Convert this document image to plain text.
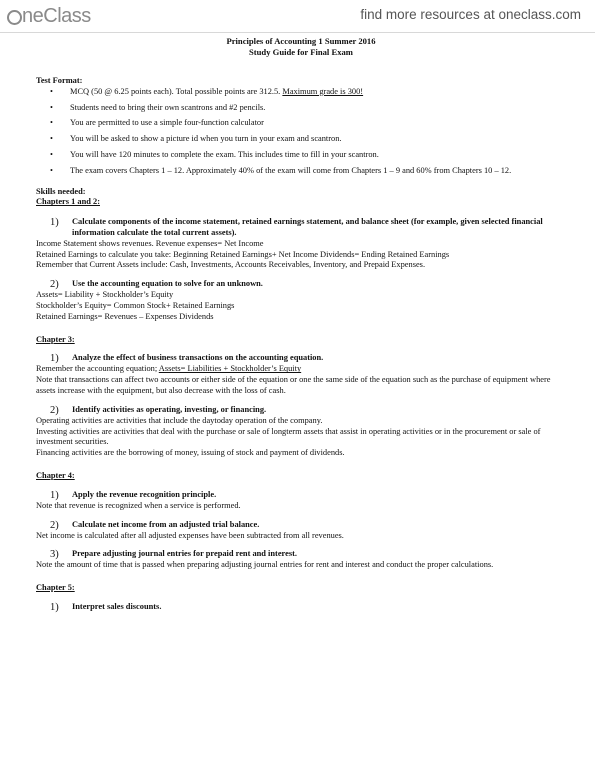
neClass	find more resources at oneclass.com
Principles of Accounting 1 Summer 2016
Study Guide for Final Exam
Test Format:
• MCQ (50 @ 6.25 points each). Total possible points are 312.5. Maximum grade is 300!
• Students need to bring their own scantrons and #2 pencils.
• You are permitted to use a simple four-function calculator
• You will be asked to show a picture id when you turn in your exam and scantron.
• You will have 120 minutes to complete the exam. This includes time to fill in your scantron.
• The exam covers Chapters 1 – 12. Approximately 40% of the exam will come from Chapters 1 – 9 and 60% from Chapters 10 – 12.
Skills needed:
Chapters 1 and 2:
1)	Calculate components of the income statement, retained earnings statement, and balance sheet (for example, given selected financial information calculate the total current assets).

Income Statement shows revenues. Revenue expenses= Net Income

Retained Earnings to calculate you take: Beginning Retained Earnings+ Net Income Dividends= Ending Retained Earnings

Remember that Current Assets include: Cash, Investments, Accounts Receivables, Inventory, and Prepaid Expenses.

2)	Use the accounting equation to solve for an unknown.

Assets= Liability + Stockholder’s Equity

Stockholder’s Equity= Common Stock+ Retained Earnings

Retained Earnings= Revenues – Expenses Dividends

Chapter 3:
1)	Analyze the effect of business transactions on the accounting equation.

Remember the accounting equation; Assets= Liabilities + Stockholder’s Equity

Note that transactions can affect two accounts or either side of the equation or one the same side of the equation such as the purchase of equipment where assets increase with the equipment, but also decrease with the loss of cash.

2)	Identify activities as operating, investing, or financing.

Operating activities are activities that include the daytoday operation of the company.

Investing activities are activities that deal with the purchase or sale of longterm assets that assist in operating activities or in the procurement or sale of investment securities.

Financing activities are the borrowing of money, issuing of stock and payment of dividends.

Chapter 4:
1)	Apply the revenue recognition principle.

Note that revenue is recognized when a service is performed.

2)	Calculate net income from an adjusted trial balance.

Net income is calculated after all adjusted expenses have been subtracted from all revenues.

3)	Prepare adjusting journal entries for prepaid rent and interest.

Note the amount of time that is passed when preparing adjusting journal entries for rent and interest and conduct the proper calculations.

Chapter 5:
1)	Interpret sales discounts.
